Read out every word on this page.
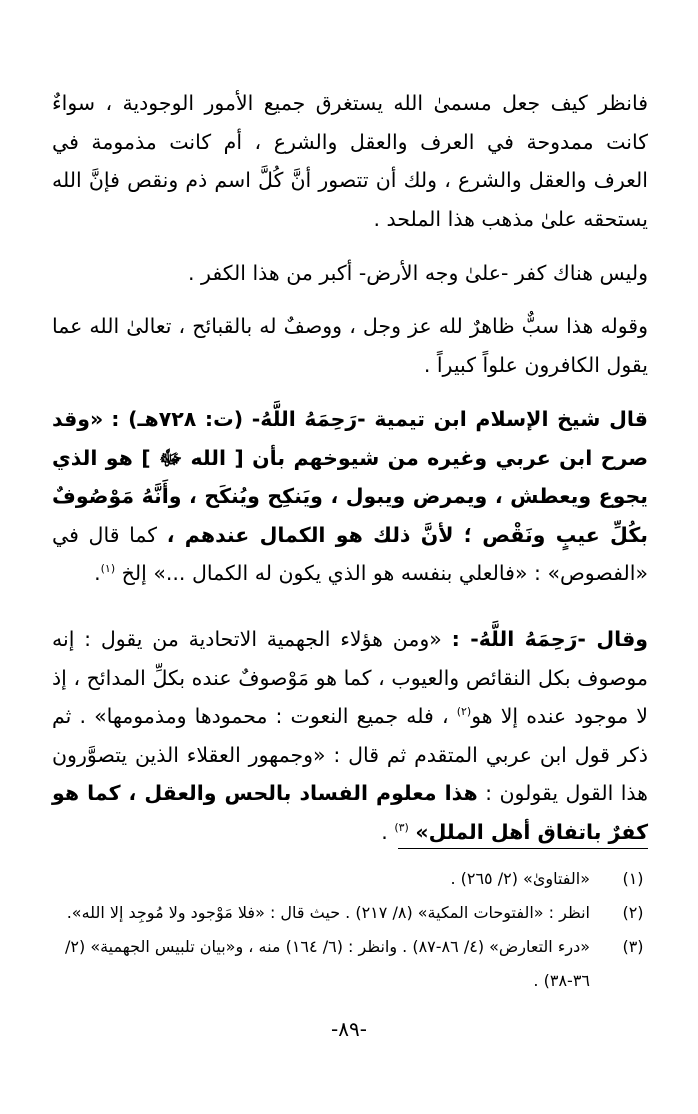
فانظر كيف جعل مسمىٰ الله يستغرق جميع الأمور الوجودية ، سواءٌ كانت ممدوحة في العرف والعقل والشرع ، أم كانت مذمومة في العرف والعقل والشرع ، ولك أن تتصور أنَّ كُلَّ اسم ذم ونقص فإنَّ الله يستحقه علىٰ مذهب هذا الملحد .

وليس هناك كفر -علىٰ وجه الأرض- أكبر من هذا الكفر .

وقوله هذا سبٌّ ظاهرٌ لله عز وجل ، ووصفٌ له بالقبائح ، تعالىٰ الله عما يقول الكافرون علواً كبيراً .

قال شيخ الإسلام ابن تيمية -رَحِمَهُ اللَّهُ- (ت: ٧٢٨هـ) : «وقد صرح ابن عربي وغيره من شيوخهم بأن [ الله ﷻ ] هو الذي يجوع ويعطش ، ويمرض ويبول ، ويَنكِح ويُنكَح ، وأَنَّهُ مَوْصُوفٌ بكُلِّ عيبٍ ونَقْص ؛ لأنَّ ذلك هو الكمال عندهم ، كما قال في «الفصوص» : «فالعلي بنفسه هو الذي يكون له الكمال ...» إلخ $^{(١)}$.

وقال -رَحِمَهُ اللَّهُ- : «ومن هؤلاء الجهمية الاتحادية من يقول : إنه موصوف بكل النقائص والعيوب ، كما هو مَوْصوفٌ عنده بكلِّ المدائح ، إذ لا موجود عنده إلا هو$^{(٢)}$ ، فله جميع النعوت : محمودها ومذمومها» . ثم ذكر قول ابن عربي المتقدم ثم قال : «وجمهور العقلاء الذين يتصوَّرون هذا القول يقولون : هذا معلوم الفساد بالحس والعقل ، كما هو كفرٌ باتفاق أهل الملل» $^{(٣)}$ .

(١)
«الفتاوىٰ» (٢/ ٢٦٥) .
(٢)
انظر : «الفتوحات المكية» (٨/ ٢١٧) . حيث قال : «فلا مَوْجود ولا مُوجِد إلا الله».
(٣)
«درء التعارض» (٤/ ٨٦-٨٧) . وانظر : (٦/ ١٦٤) منه ، و«بيان تلبيس الجهمية» (٢/ ٣٦-٣٨) .
-٨٩-
